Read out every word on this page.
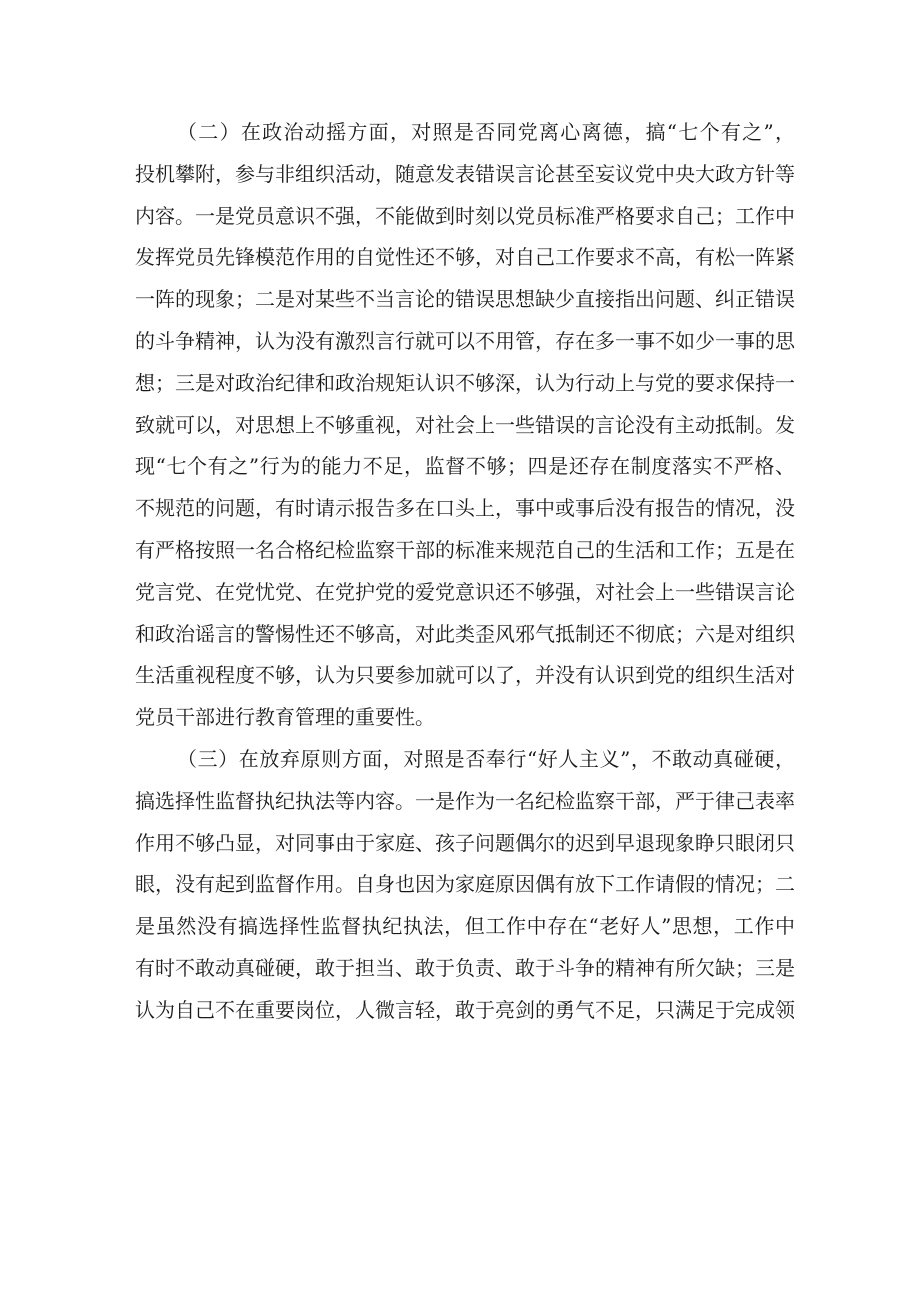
（二）在政治动摇方面，对照是否同党离心离德，搞“七个有之”，
投机攀附，参与非组织活动，随意发表错误言论甚至妄议党中央大政方针等
内容。一是党员意识不强，不能做到时刻以党员标准严格要求自己；工作中
发挥党员先锋模范作用的自觉性还不够，对自己工作要求不高，有松一阵紧
一阵的现象；二是对某些不当言论的错误思想缺少直接指出问题、纠正错误
的斗争精神，认为没有激烈言行就可以不用管，存在多一事不如少一事的思
想；三是对政治纪律和政治规矩认识不够深，认为行动上与党的要求保持一
致就可以，对思想上不够重视，对社会上一些错误的言论没有主动抵制。发
现“七个有之”行为的能力不足，监督不够；四是还存在制度落实不严格、
不规范的问题，有时请示报告多在口头上，事中或事后没有报告的情况，没
有严格按照一名合格纪检监察干部的标准来规范自己的生活和工作；五是在
党言党、在党忧党、在党护党的爱党意识还不够强，对社会上一些错误言论
和政治谣言的警惕性还不够高，对此类歪风邪气抵制还不彻底；六是对组织
生活重视程度不够，认为只要参加就可以了，并没有认识到党的组织生活对
党员干部进行教育管理的重要性。
（三）在放弃原则方面，对照是否奉行“好人主义”，不敢动真碰硬，
搞选择性监督执纪执法等内容。一是作为一名纪检监察干部，严于律己表率
作用不够凸显，对同事由于家庭、孩子问题偶尔的迟到早退现象睁只眼闭只
眼，没有起到监督作用。自身也因为家庭原因偶有放下工作请假的情况；二
是虽然没有搞选择性监督执纪执法，但工作中存在“老好人”思想，工作中
有时不敢动真碰硬，敢于担当、敢于负责、敢于斗争的精神有所欠缺；三是
认为自己不在重要岗位，人微言轻，敢于亮剑的勇气不足，只满足于完成领
